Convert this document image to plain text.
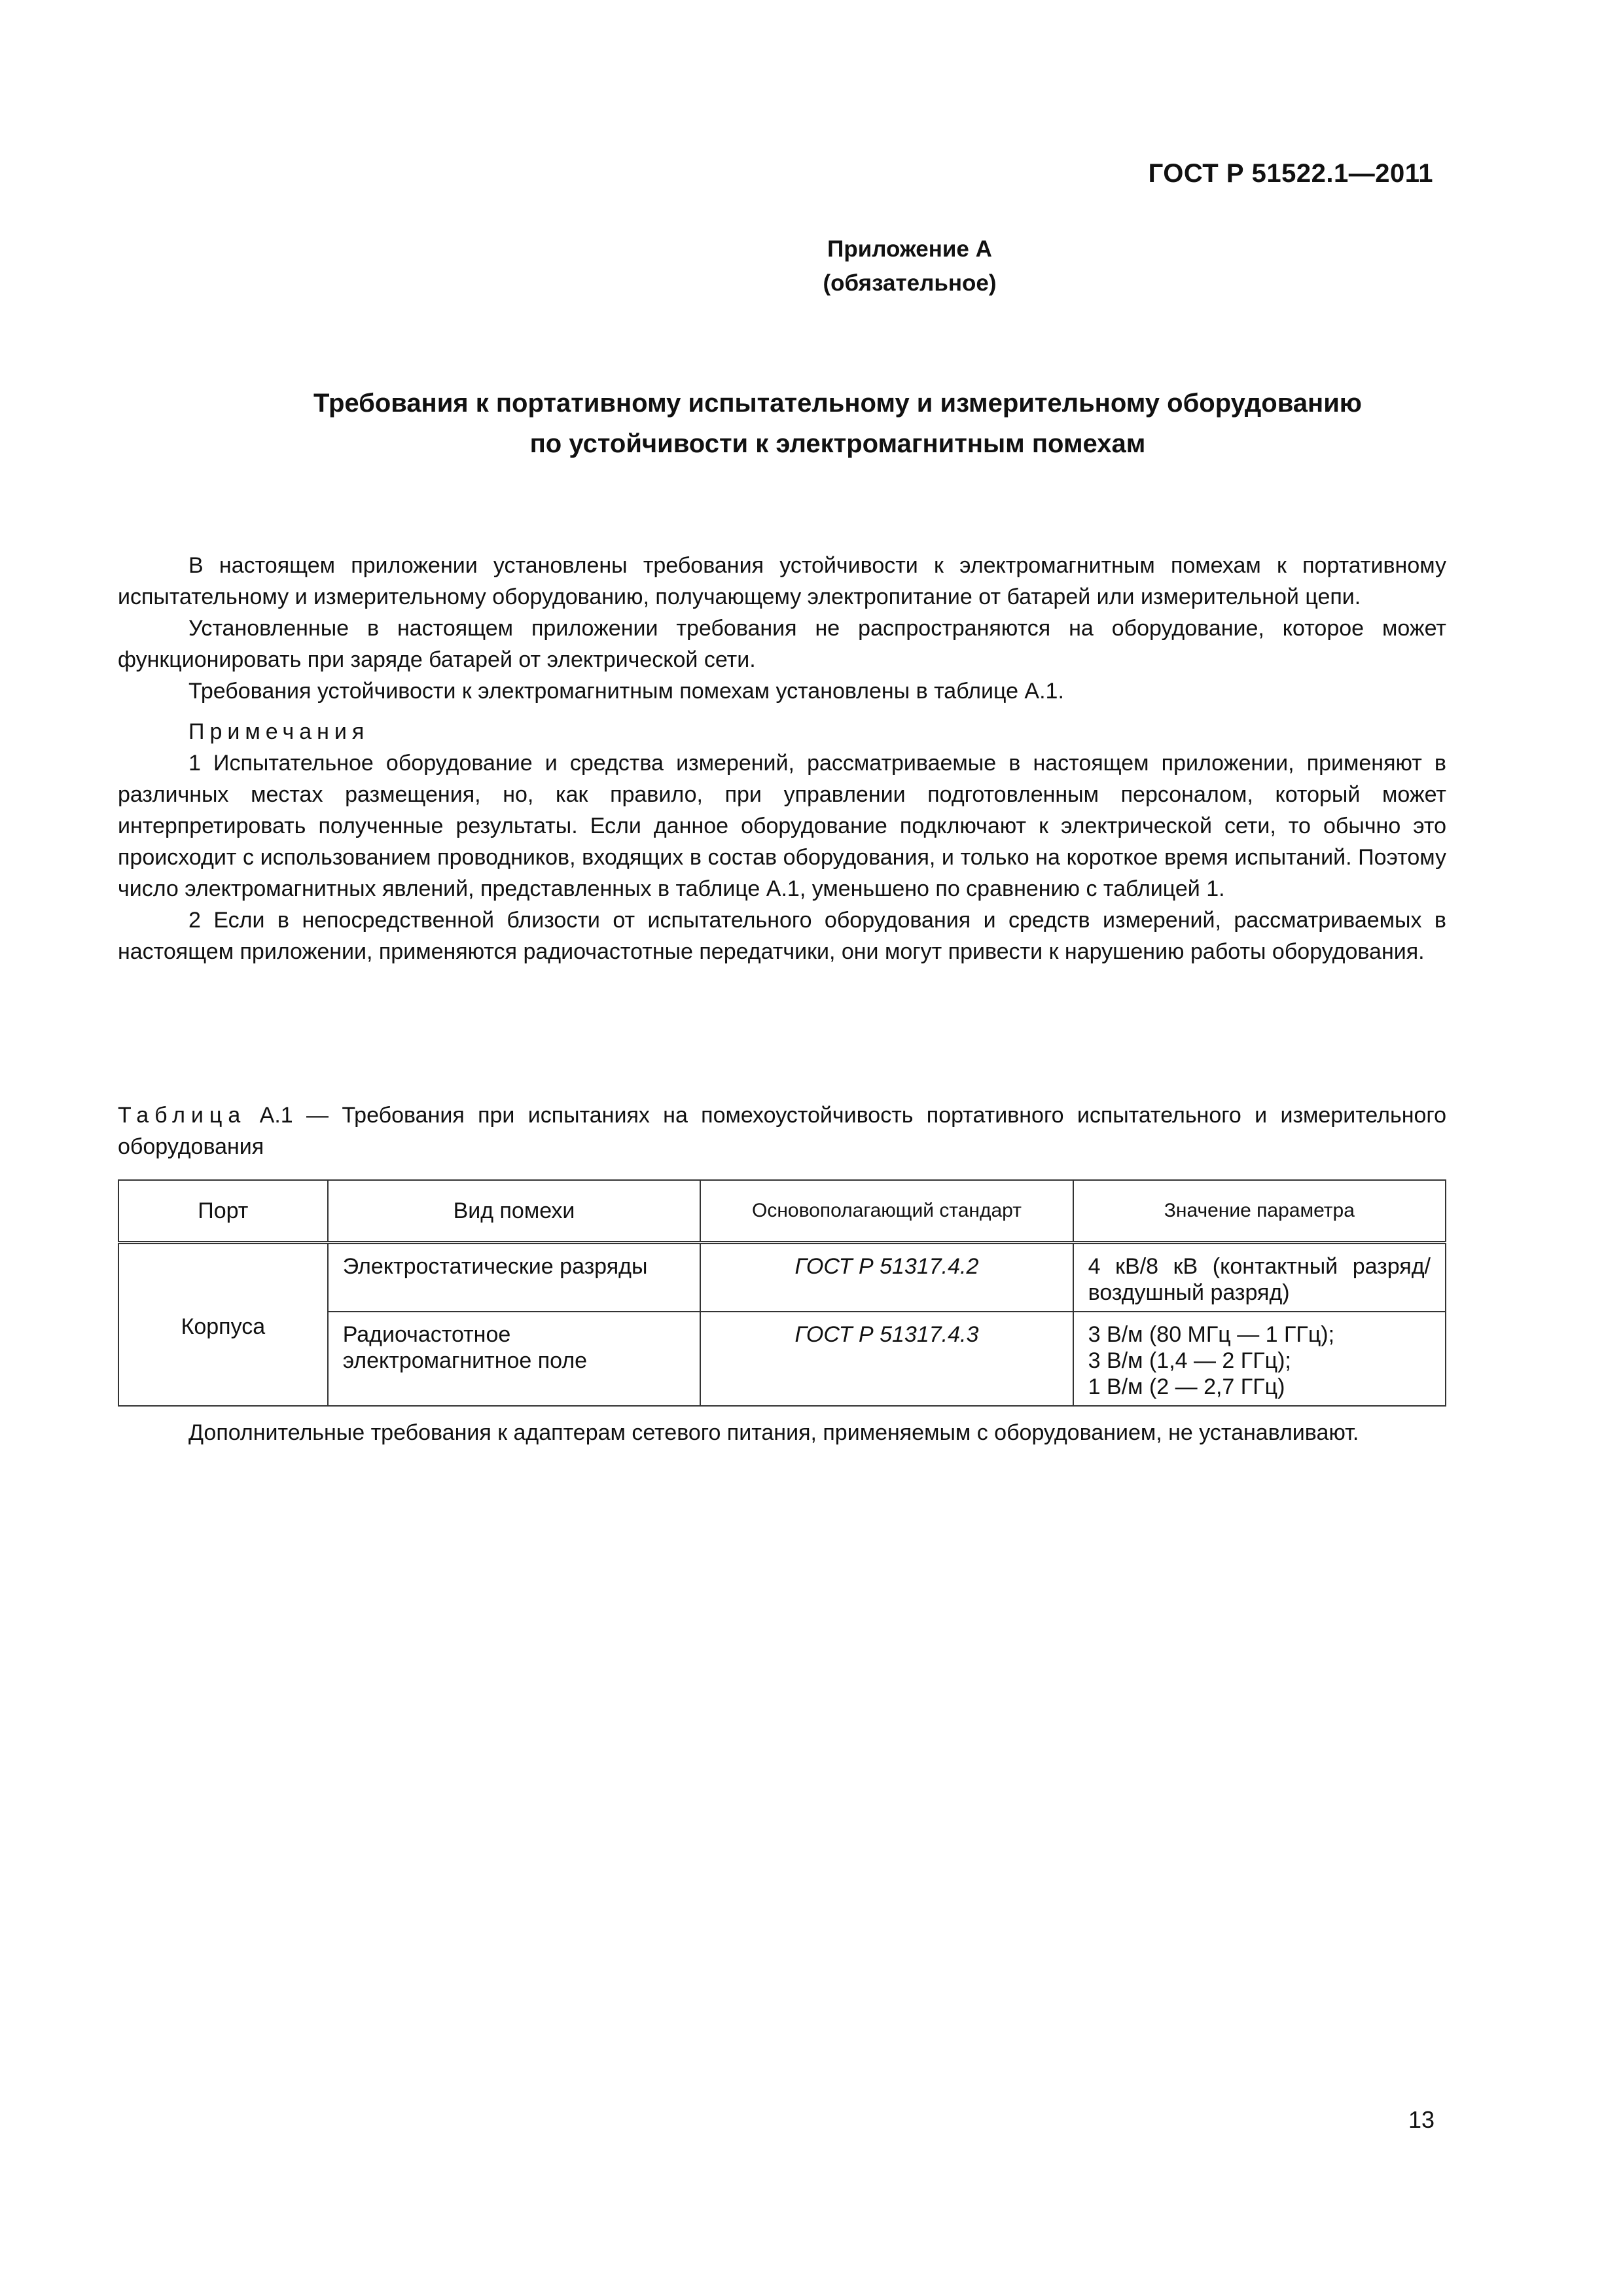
ГОСТ Р 51522.1—2011
Приложение А
(обязательное)
Требования к портативному испытательному и измерительному оборудованию
по устойчивости к электромагнитным помехам

В настоящем приложении установлены требования устойчивости к электромагнитным помехам к портативному испытательному и измерительному оборудованию, получающему электропитание от батарей или измерительной цепи.

Установленные в настоящем приложении требования не распространяются на оборудование, которое может функционировать при заряде батарей от электрической сети.

Требования устойчивости к электромагнитным помехам установлены в таблице А.1.

Примечания

1 Испытательное оборудование и средства измерений, рассматриваемые в настоящем приложении, применяют в различных местах размещения, но, как правило, при управлении подготовленным персоналом, который может интерпретировать полученные результаты. Если данное оборудование подключают к электрической сети, то обычно это происходит с использованием проводников, входящих в состав оборудования, и только на короткое время испытаний. Поэтому число электромагнитных явлений, представленных в таблице А.1, уменьшено по сравнению с таблицей 1.

2 Если в непосредственной близости от испытательного оборудования и средств измерений, рассматриваемых в настоящем приложении, применяются радиочастотные передатчики, они могут привести к нарушению работы оборудования.

Таблица А.1 — Требования при испытаниях на помехоустойчивость портативного испытательного и измерительного оборудования
Порт	Вид помехи	Основополагающий стандарт	Значение параметра
Корпуса	Электростатические разряды	ГОСТ Р 51317.4.2	4 кВ/8 кВ (контактный разряд/воздушный разряд)
	Радиочастотное электромагнитное поле	ГОСТ Р 51317.4.3	3 В/м (80 МГц — 1 ГГц);
3 В/м (1,4 — 2 ГГц);
1 В/м (2 — 2,7 ГГц)
Дополнительные требования к адаптерам сетевого питания, применяемым с оборудованием, не устанавливают.
13
